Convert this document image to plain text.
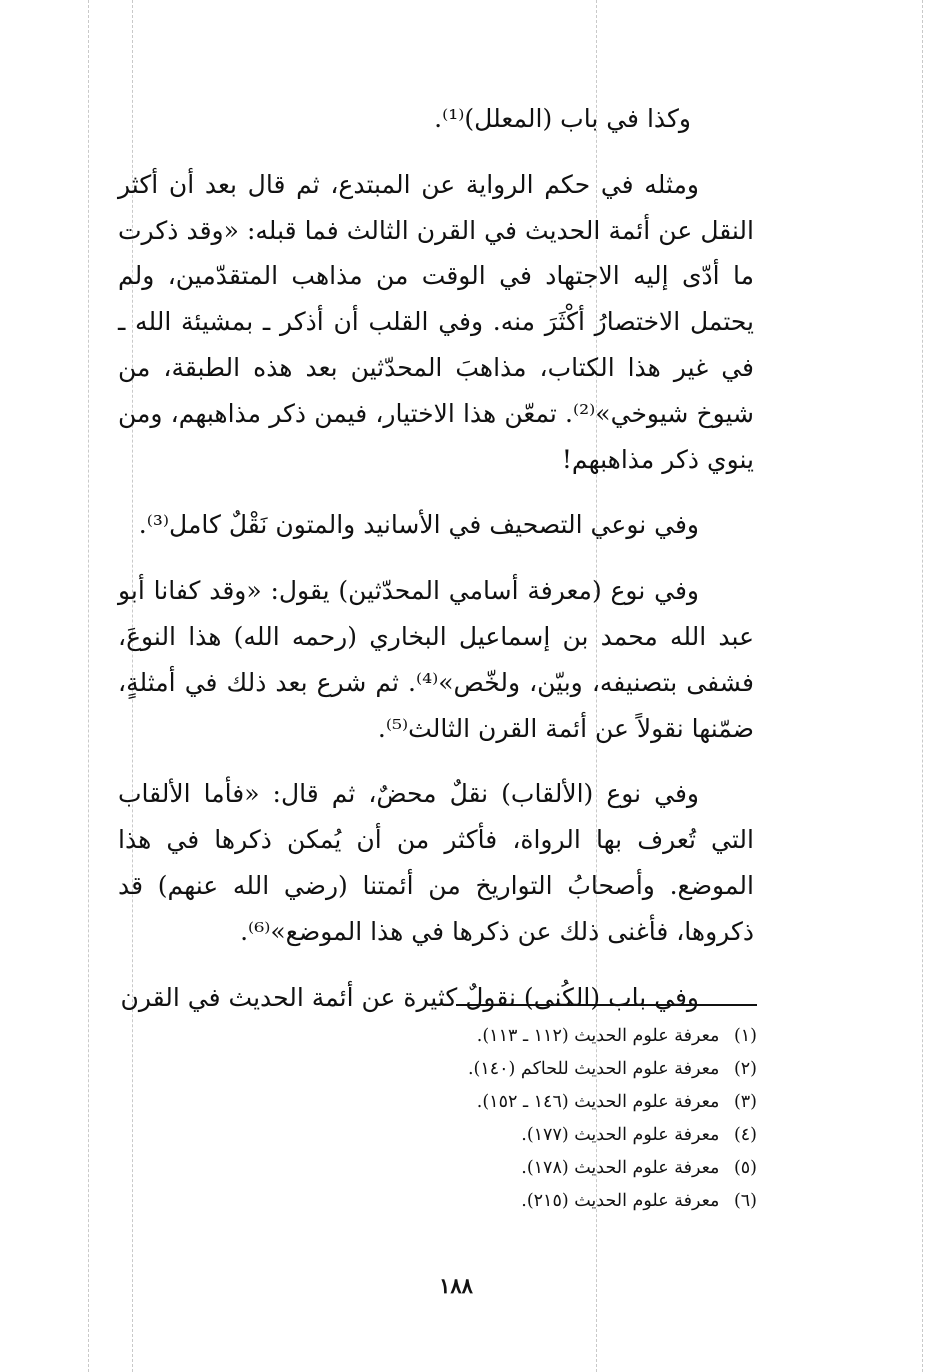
وكذا في باب (المعلل)⁽¹⁾.

ومثله في حكم الرواية عن المبتدع، ثم قال بعد أن أكثر النقل عن أئمة الحديث في القرن الثالث فما قبله: «وقد ذكرت ما أدّى إليه الاجتهاد في الوقت من مذاهب المتقدّمين، ولم يحتمل الاختصارُ أكْثَرَ منه. وفي القلب أن أذكر ـ بمشيئة الله ـ في غير هذا الكتاب، مذاهبَ المحدّثين بعد هذه الطبقة، من شيوخ شيوخي»⁽²⁾. تمعّن هذا الاختيار، فيمن ذكر مذاهبهم، ومن ينوي ذكر مذاهبهم!

وفي نوعي التصحيف في الأسانيد والمتون نَقْلٌ كامل⁽³⁾.

وفي نوع (معرفة أسامي المحدّثين) يقول: «وقد كفانا أبو عبد الله محمد بن إسماعيل البخاري (رحمه الله) هذا النوعَ، فشفى بتصنيفه، وبيّن، ولخّص»⁽⁴⁾. ثم شرع بعد ذلك في أمثلةٍ، ضمّنها نقولاً عن أئمة القرن الثالث⁽⁵⁾.

وفي نوع (الألقاب) نقلٌ محضٌ، ثم قال: «فأما الألقاب التي تُعرف بها الرواة، فأكثر من أن يُمكن ذكرها في هذا الموضع. وأصحابُ التواريخ من أئمتنا (رضي الله عنهم) قد ذكروها، فأغنى ذلك عن ذكرها في هذا الموضع»⁽⁶⁾.

وفي باب (الكُنى) نقولٌ كثيرة عن أئمة الحديث في القرن

(١) معرفة علوم الحديث (١١٢ ـ ١١٣).
(٢) معرفة علوم الحديث للحاكم (١٤٠).
(٣) معرفة علوم الحديث (١٤٦ ـ ١٥٢).
(٤) معرفة علوم الحديث (١٧٧).
(٥) معرفة علوم الحديث (١٧٨).
(٦) معرفة علوم الحديث (٢١٥).
١٨٨
